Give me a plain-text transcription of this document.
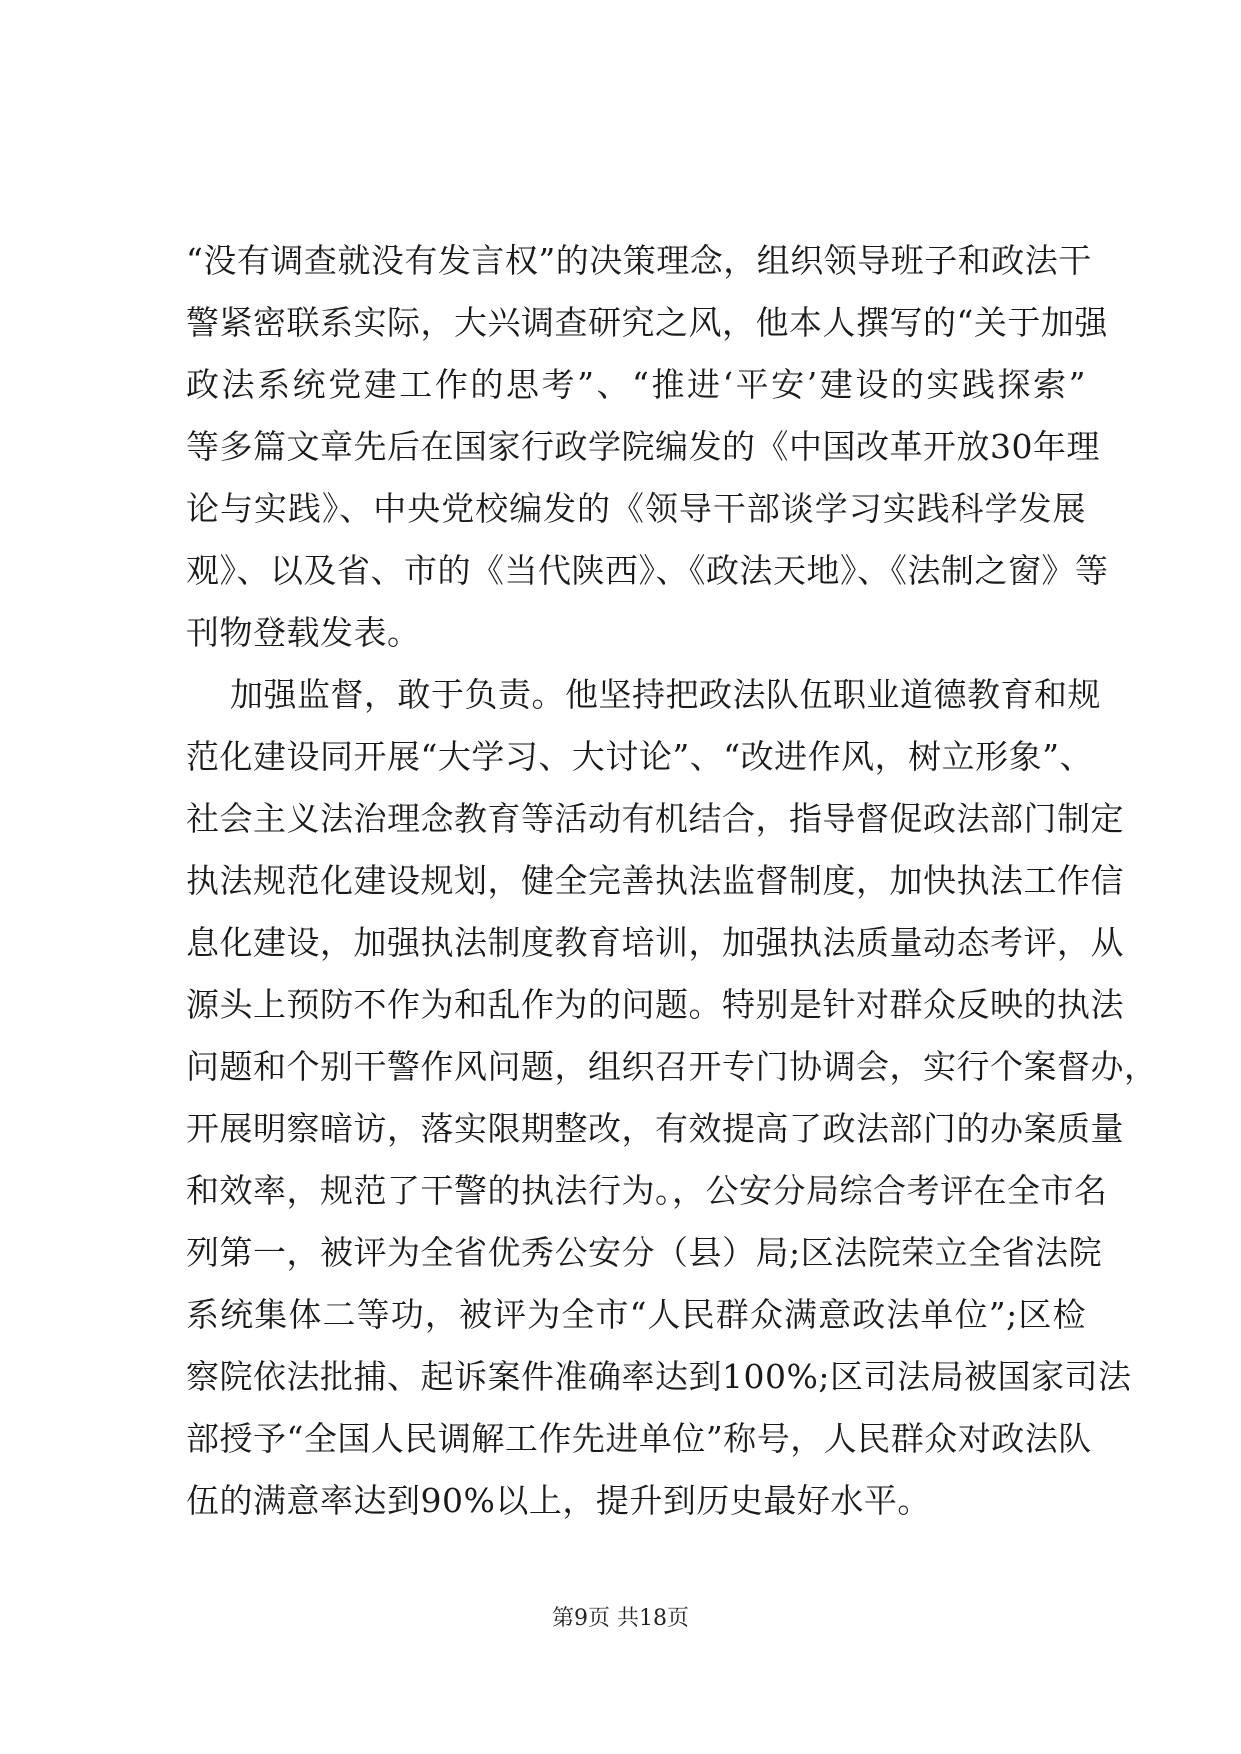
“没有调查就没有发言权”的决策理念，组织领导班子和政法干
警紧密联系实际，大兴调查研究之风，他本人撰写的“关于加强
政法系统党建工作的思考”、“推进‘平安’建设的实践探索”
等多篇文章先后在国家行政学院编发的《中国改革开放30年理
论与实践》、中央党校编发的《领导干部谈学习实践科学发展
观》、以及省、市的《当代陕西》、《政法天地》、《法制之窗》等
刊物登载发表。

加强监督，敢于负责。他坚持把政法队伍职业道德教育和规
范化建设同开展“大学习、大讨论”、“改进作风，树立形象”、
社会主义法治理念教育等活动有机结合，指导督促政法部门制定
执法规范化建设规划，健全完善执法监督制度，加快执法工作信
息化建设，加强执法制度教育培训，加强执法质量动态考评，从
源头上预防不作为和乱作为的问题。特别是针对群众反映的执法
问题和个别干警作风问题，组织召开专门协调会，实行个案督办，
开展明察暗访，落实限期整改，有效提高了政法部门的办案质量
和效率，规范了干警的执法行为。，公安分局综合考评在全市名
列第一，被评为全省优秀公安分（县）局;区法院荣立全省法院
系统集体二等功，被评为全市“人民群众满意政法单位”;区检
察院依法批捕、起诉案件准确率达到100%;区司法局被国家司法
部授予“全国人民调解工作先进单位”称号，人民群众对政法队
伍的满意率达到90%以上，提升到历史最好水平。

第9页 共18页
